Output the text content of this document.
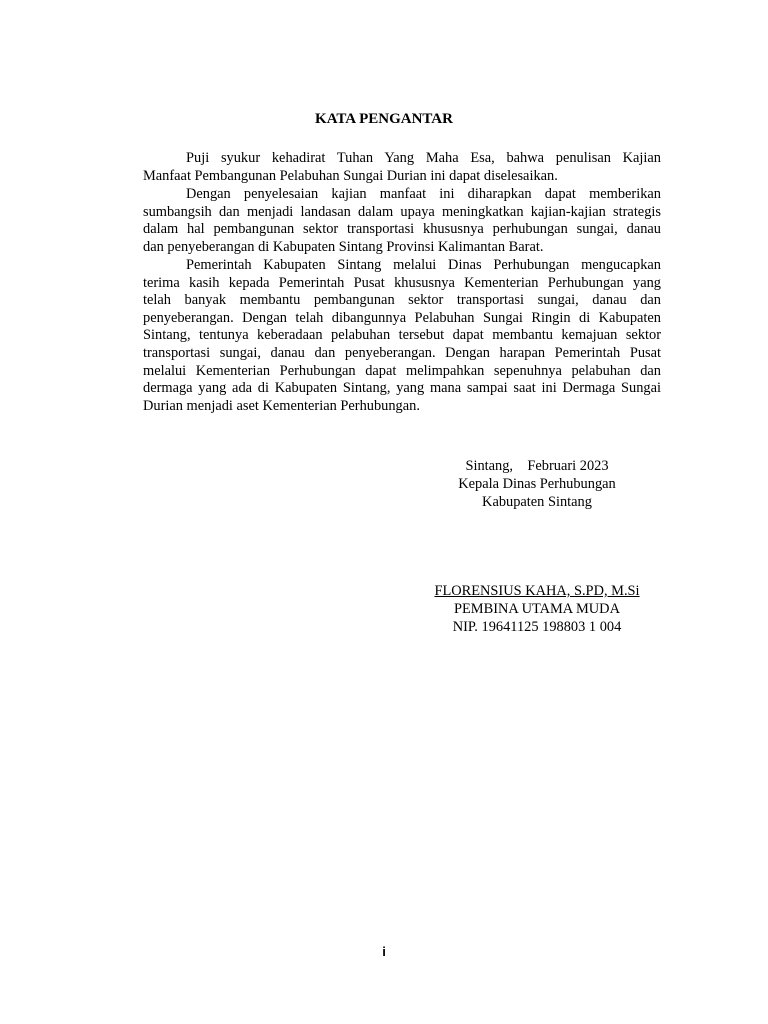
KATA PENGANTAR
Puji syukur kehadirat Tuhan Yang Maha Esa, bahwa penulisan Kajian
Manfaat Pembangunan Pelabuhan Sungai Durian ini dapat diselesaikan.
Dengan penyelesaian kajian manfaat ini diharapkan dapat memberikan
sumbangsih dan menjadi landasan dalam upaya meningkatkan kajian-kajian strategis
dalam hal pembangunan sektor transportasi khususnya perhubungan sungai, danau
dan penyeberangan di Kabupaten Sintang Provinsi Kalimantan Barat.
Pemerintah Kabupaten Sintang melalui Dinas Perhubungan mengucapkan
terima kasih kepada Pemerintah Pusat khususnya Kementerian Perhubungan yang
telah banyak membantu pembangunan sektor transportasi sungai, danau dan
penyeberangan. Dengan telah dibangunnya Pelabuhan Sungai Ringin di Kabupaten
Sintang, tentunya keberadaan pelabuhan tersebut dapat membantu kemajuan sektor
transportasi sungai, danau dan penyeberangan. Dengan harapan Pemerintah Pusat
melalui Kementerian Perhubungan dapat melimpahkan sepenuhnya pelabuhan dan
dermaga yang ada di Kabupaten Sintang, yang mana sampai saat ini Dermaga Sungai
Durian menjadi aset Kementerian Perhubungan.
Sintang,    Februari 2023
Kepala Dinas Perhubungan
Kabupaten Sintang
FLORENSIUS KAHA, S.PD, M.Si
PEMBINA UTAMA MUDA
NIP. 19641125 198803 1 004
i
